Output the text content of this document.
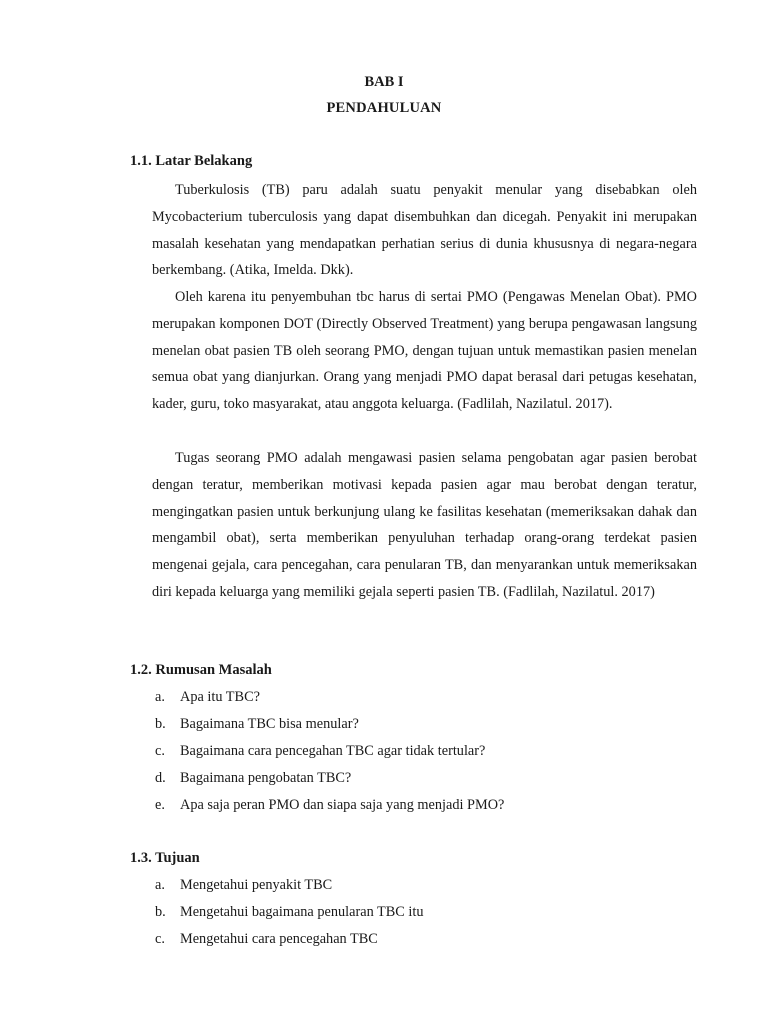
BAB I
PENDAHULUAN
1.1. Latar Belakang

Tuberkulosis (TB) paru adalah suatu penyakit menular yang disebabkan oleh Mycobacterium tuberculosis yang dapat disembuhkan dan dicegah. Penyakit ini merupakan masalah kesehatan yang mendapatkan perhatian serius di dunia khususnya di negara-negara berkembang. (Atika, Imelda. Dkk).

Oleh karena itu penyembuhan tbc harus di sertai PMO (Pengawas Menelan Obat). PMO merupakan komponen DOT (Directly Observed Treatment) yang berupa pengawasan langsung menelan obat pasien TB oleh seorang PMO, dengan tujuan untuk memastikan pasien menelan semua obat yang dianjurkan. Orang yang menjadi PMO dapat berasal dari petugas kesehatan, kader, guru, toko masyarakat, atau anggota keluarga. (Fadlilah, Nazilatul. 2017).

Tugas seorang PMO adalah mengawasi pasien selama pengobatan agar pasien berobat dengan teratur, memberikan motivasi kepada pasien agar mau berobat dengan teratur, mengingatkan pasien untuk berkunjung ulang ke fasilitas kesehatan (memeriksakan dahak dan mengambil obat), serta memberikan penyuluhan terhadap orang-orang terdekat pasien mengenai gejala, cara pencegahan, cara penularan TB, dan menyarankan untuk memeriksakan diri kepada keluarga yang memiliki gejala seperti pasien TB. (Fadlilah, Nazilatul. 2017)

1.2. Rumusan Masalah
a.	Apa itu TBC?
b. Bagaimana TBC bisa menular?
c.	Bagaimana cara pencegahan TBC agar tidak tertular?
d. Bagaimana pengobatan TBC?
e.	Apa saja peran PMO dan siapa saja yang menjadi PMO?
1.3. Tujuan
a.	Mengetahui penyakit TBC
b. Mengetahui bagaimana penularan TBC itu
c.	Mengetahui cara pencegahan TBC
